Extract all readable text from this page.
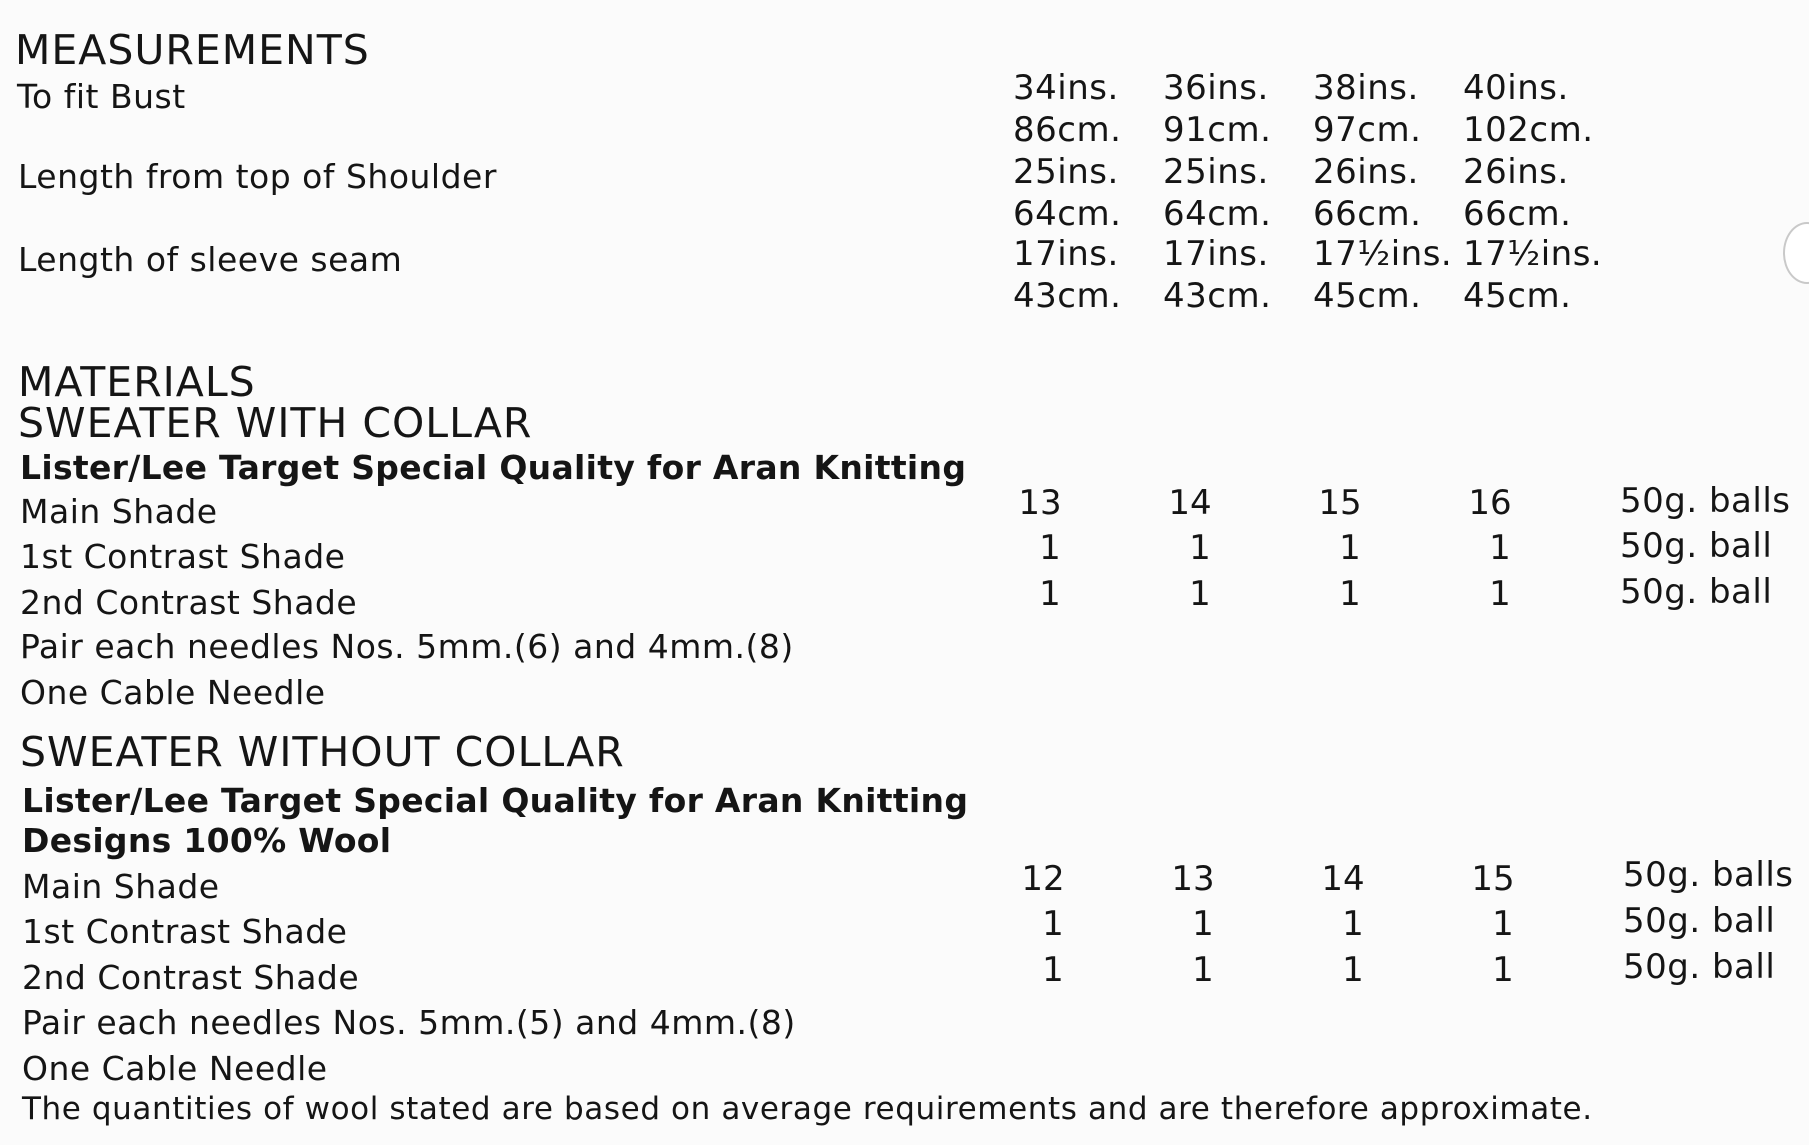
MEASUREMENTS
To fit Bust	34ins. 36ins. 38ins. 40ins.
86cm. 91cm. 97cm. 102cm.
Length from top of Shoulder	25ins. 25ins. 26ins. 26ins.
64cm. 64cm. 66cm. 66cm.
Length of sleeve seam	17ins. 17ins. 17½ins. 17½ins.
43cm. 43cm. 45cm. 45cm.
MATERIALS
SWEATER WITH COLLAR
Lister/Lee Target Special Quality for Aran Knitting
Main Shade	13	14	15	16	50g. balls
1st Contrast Shade	1	1	1	1	50g. ball
2nd Contrast Shade	1	1	1	1	50g. ball
Pair each needles Nos. 5mm.(6) and 4mm.(8)
One Cable Needle
SWEATER WITHOUT COLLAR
Lister/Lee Target Special Quality for Aran Knitting
Designs 100% Wool
Main Shade	12	13	14	15	50g. balls
1st Contrast Shade	1	1	1	1	50g. ball
2nd Contrast Shade	1	1	1	1	50g. ball
Pair each needles Nos. 5mm.(5) and 4mm.(8)
One Cable Needle
The quantities of wool stated are based on average requirements and are therefore approximate.
